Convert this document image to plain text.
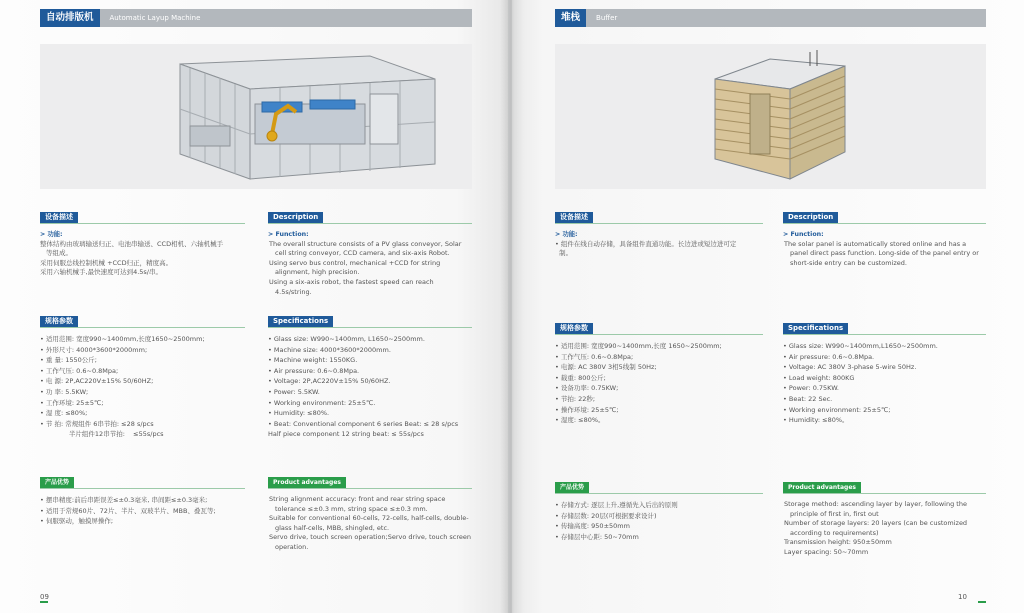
自动排版机	Automatic Layup Machine
设备描述
> 功能:
整体结构由玻璃输送归正、电池串输送、CCD相机、六轴机械手
等组成。
采用伺服总线控制机械 +CCD归正，精度高。
采用六轴机械手,最快速度可达到4.5s/串。
Description
> Function:
The overall structure consists of a PV glass conveyor, Solar cell string conveyor, CCD camera, and six-axis Robot.
Using servo bus control, mechanical +CCD for string alignment, high precision.
Using a six-axis robot, the fastest speed can reach 4.5s/string.
规格参数
• 适用范围: 宽度990~1400mm,长度1650~2500mm;
• 外形尺寸: 4000*3600*2000mm;
• 重 量: 1550公斤;
• 工作气压: 0.6~0.8Mpa;
• 电 源: 2P,AC220V±15% 50/60HZ;
• 功 率: 5.5KW;
• 工作环境: 25±5℃;
• 湿 度: ≤80%;
• 节 拍: 常规组件 6串节拍: ≤28 s/pcs
半片组件12串节拍:    ≤55s/pcs
Specifications
• Glass size: W990~1400mm, L1650~2500mm.
• Machine size: 4000*3600*2000mm.
• Machine weight: 1550KG.
• Air pressure: 0.6~0.8Mpa.
• Voltage: 2P,AC220V±15% 50/60HZ.
• Power: 5.5KW.
• Working environment: 25±5℃.
• Humidity: ≤80%.
• Beat: Conventional component 6 series Beat: ≤ 28 s/pcs
Half piece component 12 string beat: ≤ 55s/pcs
产品优势
• 摆串精度:前后串距误差≤±0.3毫米, 串间距≤±0.3毫米;
• 适用于常规60片、72片、半片、双玻半片、MBB、叠瓦等;
• 伺服驱动，触摸屏操作;
Product advantages
String alignment accuracy: front and rear string space tolerance ≤±0.3 mm, string space ≤±0.3 mm.
Suitable for conventional 60-cells, 72-cells, half-cells, double-glass half-cells, MBB, shingled, etc.
Servo drive, touch screen operation;Servo drive, touch screen operation.
09
堆栈	Buffer
设备描述
> 功能:
• 组件在线自动存储，具备组件直通功能。长边进或短边进可定
制。
Description
> Function:
The solar panel is automatically stored online and has a panel direct pass function. Long-side of the panel entry or short-side entry can be customized.
规格参数
• 适用范围: 宽度990~1400mm,长度 1650~2500mm;
• 工作气压: 0.6~0.8Mpa;
• 电源: AC 380V 3相5线制 50Hz;
• 载重: 800公斤;
• 设备功率: 0.75KW;
• 节拍: 22秒;
• 操作环境: 25±5℃;
• 湿度: ≤80%。
Specifications
• Glass size: W990~1400mm,L1650~2500mm.
• Air pressure: 0.6~0.8Mpa.
• Voltage: AC 380V 3-phase 5-wire 50Hz.
• Load weight: 800KG
• Power: 0.75KW.
• Beat: 22 Sec.
• Working environment: 25±5℃;
• Humidity: ≤80%。
产品优势
• 存储方式: 逐层上升,遵循先入后出的原则
• 存储层数: 20层(可根据要求设计)
• 传输高度: 950±50mm
• 存储层中心距: 50~70mm
Product advantages
Storage method: ascending layer by layer, following the principle of first in, first out
Number of storage layers: 20 layers (can be customized according to requirements)
Transmission height: 950±50mm
Layer spacing: 50~70mm
10
